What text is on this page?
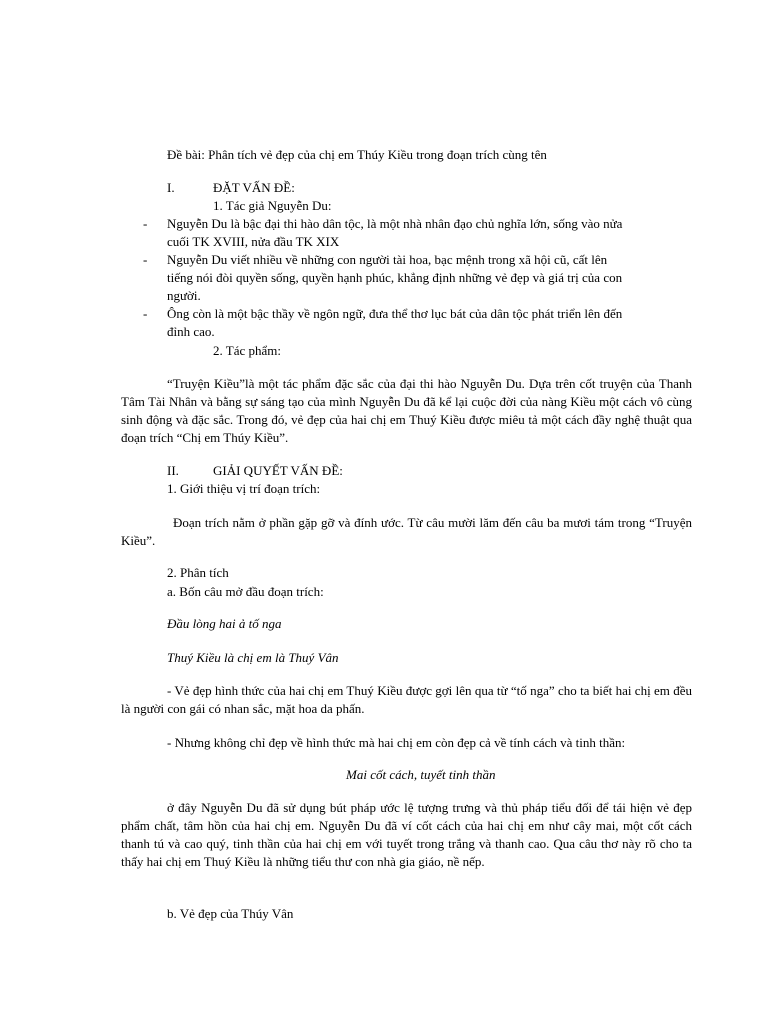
Đề bài: Phân tích vẻ đẹp của chị em Thúy Kiều trong đoạn trích cùng tên
I.	ĐẶT VẤN ĐỀ:
1. Tác giả Nguyễn Du:
- Nguyễn Du là bậc đại thi hào dân tộc, là một nhà nhân đạo chủ nghĩa lớn, sống vào nửa
cuối TK XVIII, nửa đầu TK XIX
- Nguyễn Du viết nhiều về những con người tài hoa, bạc mệnh trong xã hội cũ, cất lên
tiếng nói đòi quyền sống, quyền hạnh phúc, khẳng định những vẻ đẹp và giá trị của con
người.
- Ông còn là một bậc thầy về ngôn ngữ, đưa thể thơ lục bát của dân tộc phát triển lên đến
đỉnh cao.
2. Tác phẩm:
“Truyện Kiều”là một tác phẩm đặc sắc của đại thi hào Nguyễn Du. Dựa trên cốt truyện của Thanh Tâm Tài Nhân và bằng sự sáng tạo của mình Nguyễn Du đã kể lại cuộc đời của nàng Kiều một cách vô cùng sinh động và đặc sắc. Trong đó, vẻ đẹp của hai chị em Thuý Kiều được miêu tả một cách đầy nghệ thuật qua đoạn trích “Chị em Thúy Kiều”.
II.	GIẢI QUYẾT VẤN ĐỀ:
1. Giới thiệu vị trí đoạn trích:
Đoạn trích nằm ở phần gặp gỡ và đính ước. Từ câu mười lăm đến câu ba mươi tám trong “Truyện Kiều”.
2. Phân tích
a. Bốn câu mở đầu đoạn trích:
Đầu lòng hai ả tố nga
Thuý Kiều là chị em là Thuý Vân
- Vẻ đẹp hình thức của hai chị em Thuý Kiều được gợi lên qua từ “tố nga” cho ta biết hai chị em đều là người con gái có nhan sắc, mặt hoa da phấn.
- Nhưng không chỉ đẹp về hình thức mà hai chị em còn đẹp cả về tính cách và tinh thần:
Mai cốt cách, tuyết tinh thần
ở đây Nguyễn Du đã sử dụng bút pháp ước lệ tượng trưng và thủ pháp tiểu đối để tái hiện vẻ đẹp phẩm chất, tâm hồn của hai chị em. Nguyễn Du đã ví cốt cách của hai chị em như cây mai, một cốt cách thanh tú và cao quý, tinh thần của hai chị em với tuyết trong trắng và thanh cao. Qua câu thơ này rõ cho ta thấy hai chị em Thuý Kiều là những tiểu thư con nhà gia giáo, nề nếp.
b. Vẻ đẹp của Thúy Vân
